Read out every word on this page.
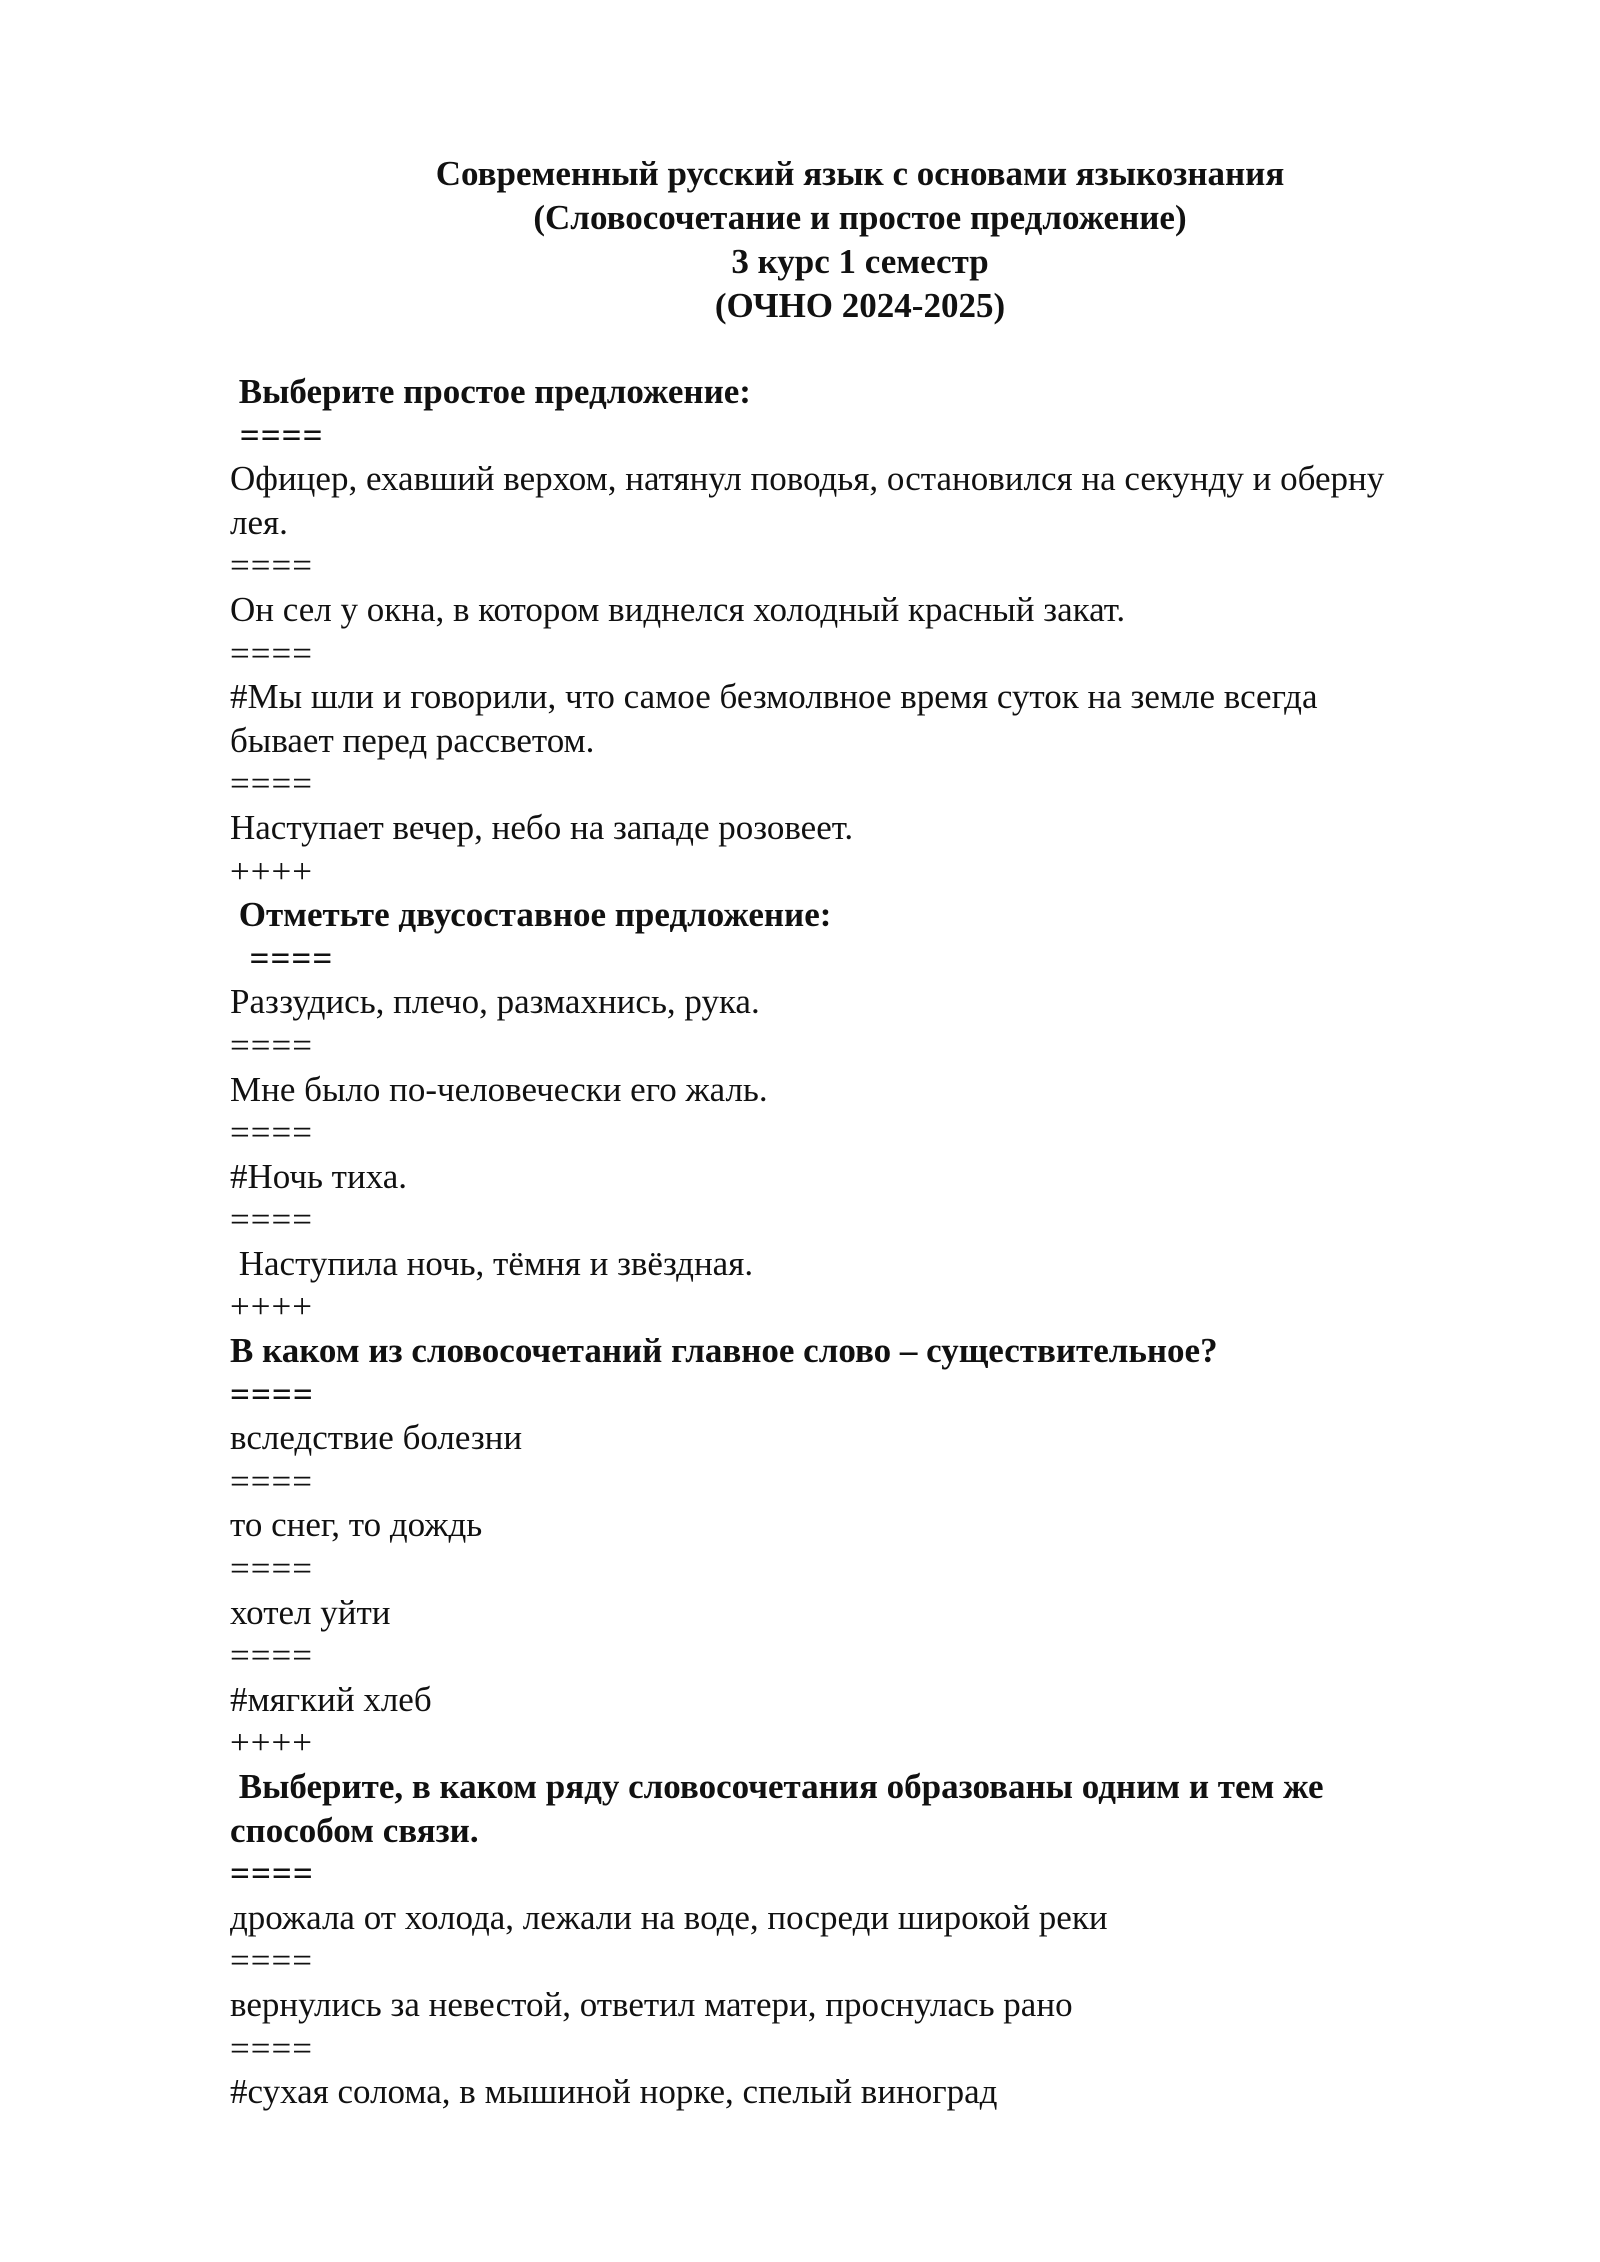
Современный русский язык с основами языкознания
(Словосочетание и простое предложение)
3 курс 1 семестр
(ОЧНО 2024-2025)
Выберите простое предложение:
====
Офицер, ехавший верхом, натянул поводья, остановился на секунду и оберну
лея.
====
Он сел у окна, в котором виднелся холодный красный закат.
====
#Мы шли и говорили, что самое безмолвное время суток на земле всегда
бывает перед рассветом.
====
Наступает вечер, небо на западе розовеет.
++++
Отметьте двусоставное предложение:
====
Раззудись, плечо, размахнись, рука.
====
Мне было по-человечески его жаль.
====
#Ночь тиха.
====
Наступила ночь, тёмня и звёздная.
++++
В каком из словосочетаний главное слово – существительное?
====
вследствие болезни
====
то снег, то дождь
====
хотел уйти
====
#мягкий хлеб
++++
Выберите, в каком ряду словосочетания образованы одним и тем же
способом связи.
====
дрожала от холода, лежали на воде, посреди широкой реки
====
вернулись за невестой, ответил матери, проснулась рано
====
#сухая солома, в мышиной норке, спелый виноград
